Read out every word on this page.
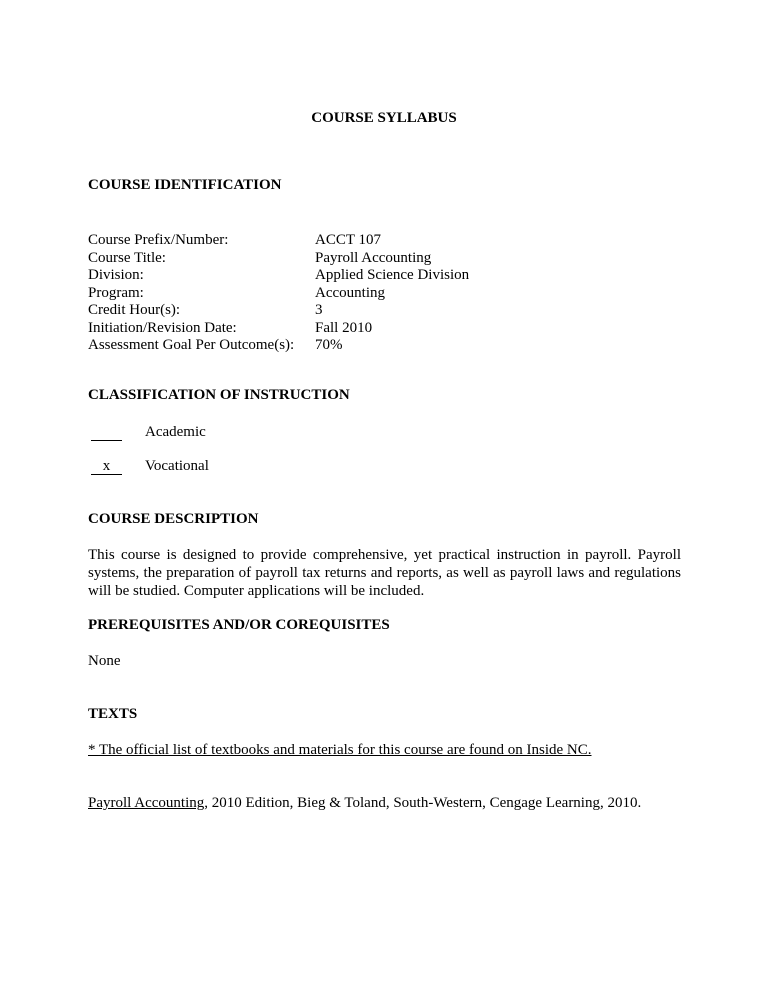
COURSE SYLLABUS
COURSE IDENTIFICATION
Course Prefix/Number:
Course Title:
Division:
Program:
Credit Hour(s):
Initiation/Revision Date:
Assessment Goal Per Outcome(s):
ACCT 107
Payroll Accounting
Applied Science Division
Accounting
3
Fall 2010
70%
CLASSIFICATION OF INSTRUCTION
Academic
x	Vocational
COURSE DESCRIPTION
This course is designed to provide comprehensive, yet practical instruction in payroll. Payroll systems, the preparation of payroll tax returns and reports, as well as payroll laws and regulations will be studied. Computer applications will be included.
PREREQUISITES AND/OR COREQUISITES
None
TEXTS
* The official list of textbooks and materials for this course are found on Inside NC.
Payroll Accounting, 2010 Edition, Bieg & Toland, South-Western, Cengage Learning, 2010.
